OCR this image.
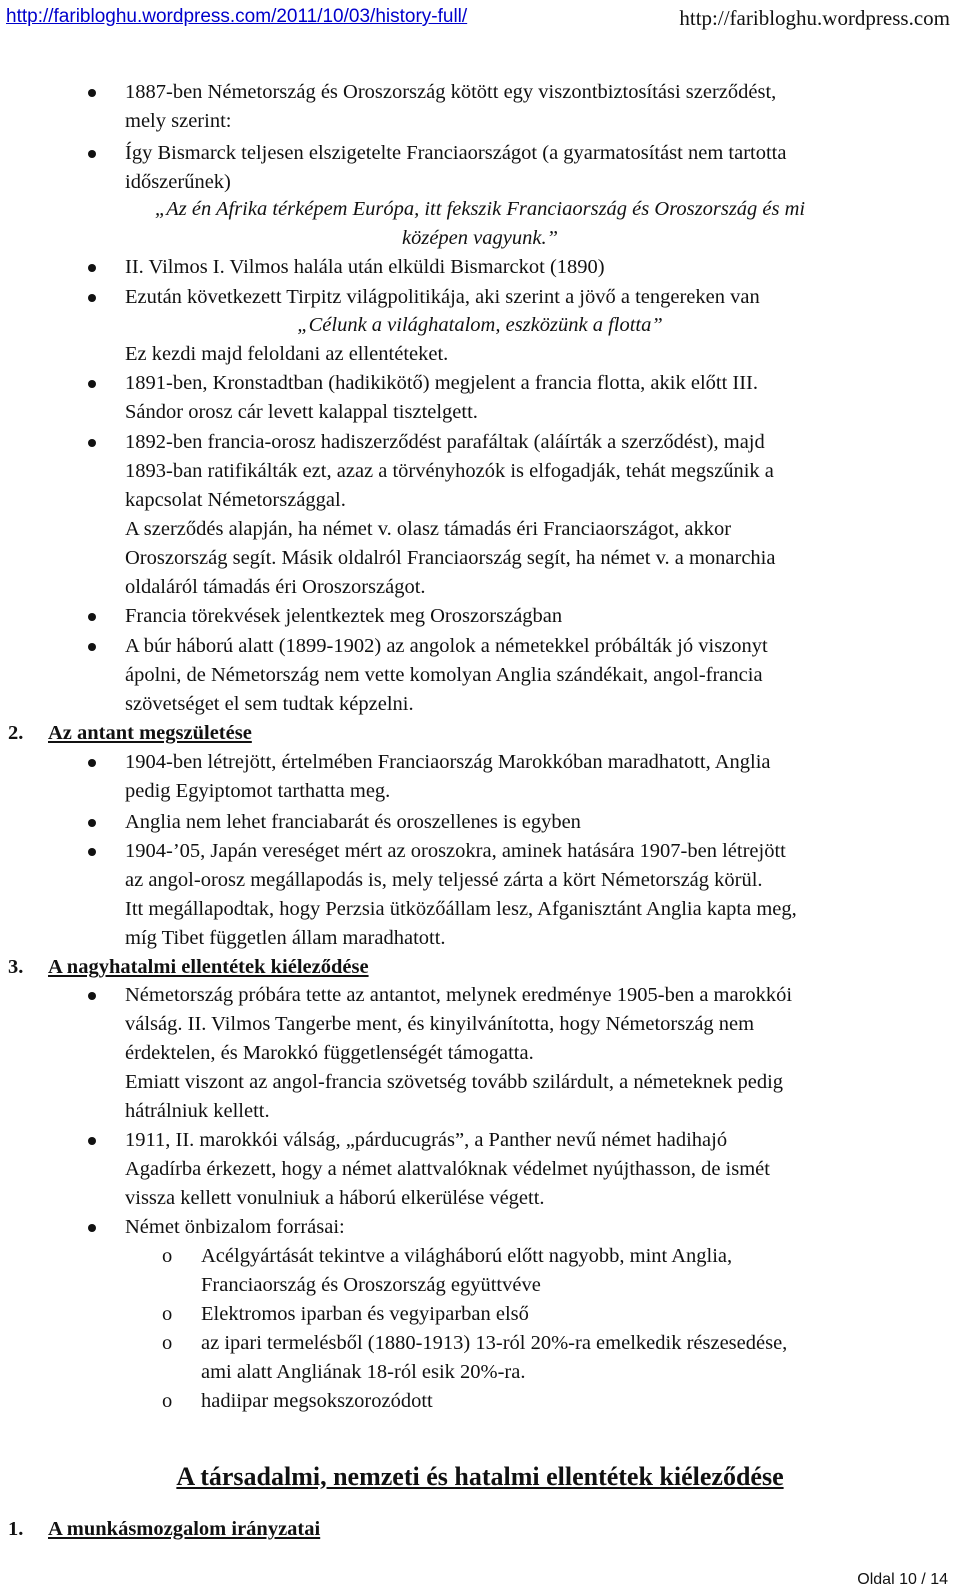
http://faribloghu.wordpress.com/2011/10/03/history-full/	http://faribloghu.wordpress.com
1887-ben Németország és Oroszország kötött egy viszontbiztosítási szerződést,
mely szerint:
Így Bismarck teljesen elszigetelte Franciaországot (a gyarmatosítást nem tartotta
időszerűnek)
„Az én Afrika térképem Európa, itt fekszik Franciaország és Oroszország és mi
középen vagyunk.”
II. Vilmos I. Vilmos halála után elküldi Bismarckot (1890)
Ezután következett Tirpitz világpolitikája, aki szerint a jövő a tengereken van
„Célunk a világhatalom, eszközünk a flotta”
Ez kezdi majd feloldani az ellentéteket.
1891-ben, Kronstadtban (hadikikötő) megjelent a francia flotta, akik előtt III.
Sándor orosz cár levett kalappal tisztelgett.
1892-ben francia-orosz hadiszerződést parafáltak (aláírták a szerződést), majd
1893-ban ratifikálták ezt, azaz a törvényhozók is elfogadják, tehát megszűnik a
kapcsolat Németországgal.
A szerződés alapján, ha német v. olasz támadás éri Franciaországot, akkor
Oroszország segít. Másik oldalról Franciaország segít, ha német v. a monarchia
oldaláról támadás éri Oroszországot.
Francia törekvések jelentkeztek meg Oroszországban
A búr háború alatt (1899-1902) az angolok a németekkel próbálták jó viszonyt
ápolni, de Németország nem vette komolyan Anglia szándékait, angol-francia
szövetséget el sem tudtak képzelni.
2. Az antant megszületése
1904-ben létrejött, értelmében Franciaország Marokkóban maradhatott, Anglia
pedig Egyiptomot tarthatta meg.
Anglia nem lehet franciabarát és oroszellenes is egyben
1904-’05, Japán vereséget mért az oroszokra, aminek hatására 1907-ben létrejött
az angol-orosz megállapodás is, mely teljessé zárta a kört Németország körül.
Itt megállapodtak, hogy Perzsia ütközőállam lesz, Afganisztánt Anglia kapta meg,
míg Tibet független állam maradhatott.
3. A nagyhatalmi ellentétek kiéleződése
Németország próbára tette az antantot, melynek eredménye 1905-ben a marokkói
válság. II. Vilmos Tangerbe ment, és kinyilvánította, hogy Németország nem
érdektelen, és Marokkó függetlenségét támogatta.
Emiatt viszont az angol-francia szövetség tovább szilárdult, a németeknek pedig
hátrálniuk kellett.
1911, II. marokkói válság, „párducugrás”, a Panther nevű német hadihajó
Agadírba érkezett, hogy a német alattvalóknak védelmet nyújthasson, de ismét
vissza kellett vonulniuk a háború elkerülése végett.
Német önbizalom forrásai:
o Acélgyártását tekintve a világháború előtt nagyobb, mint Anglia,
Franciaország és Oroszország együttvéve
o Elektromos iparban és vegyiparban első
o az ipari termelésből (1880-1913) 13-ról 20%-ra emelkedik részesedése,
ami alatt Angliának 18-ról esik 20%-ra.
o hadiipar megsokszorozódott
A társadalmi, nemzeti és hatalmi ellentétek kiéleződése
1. A munkásmozgalom irányzatai
Oldal 10 / 14
